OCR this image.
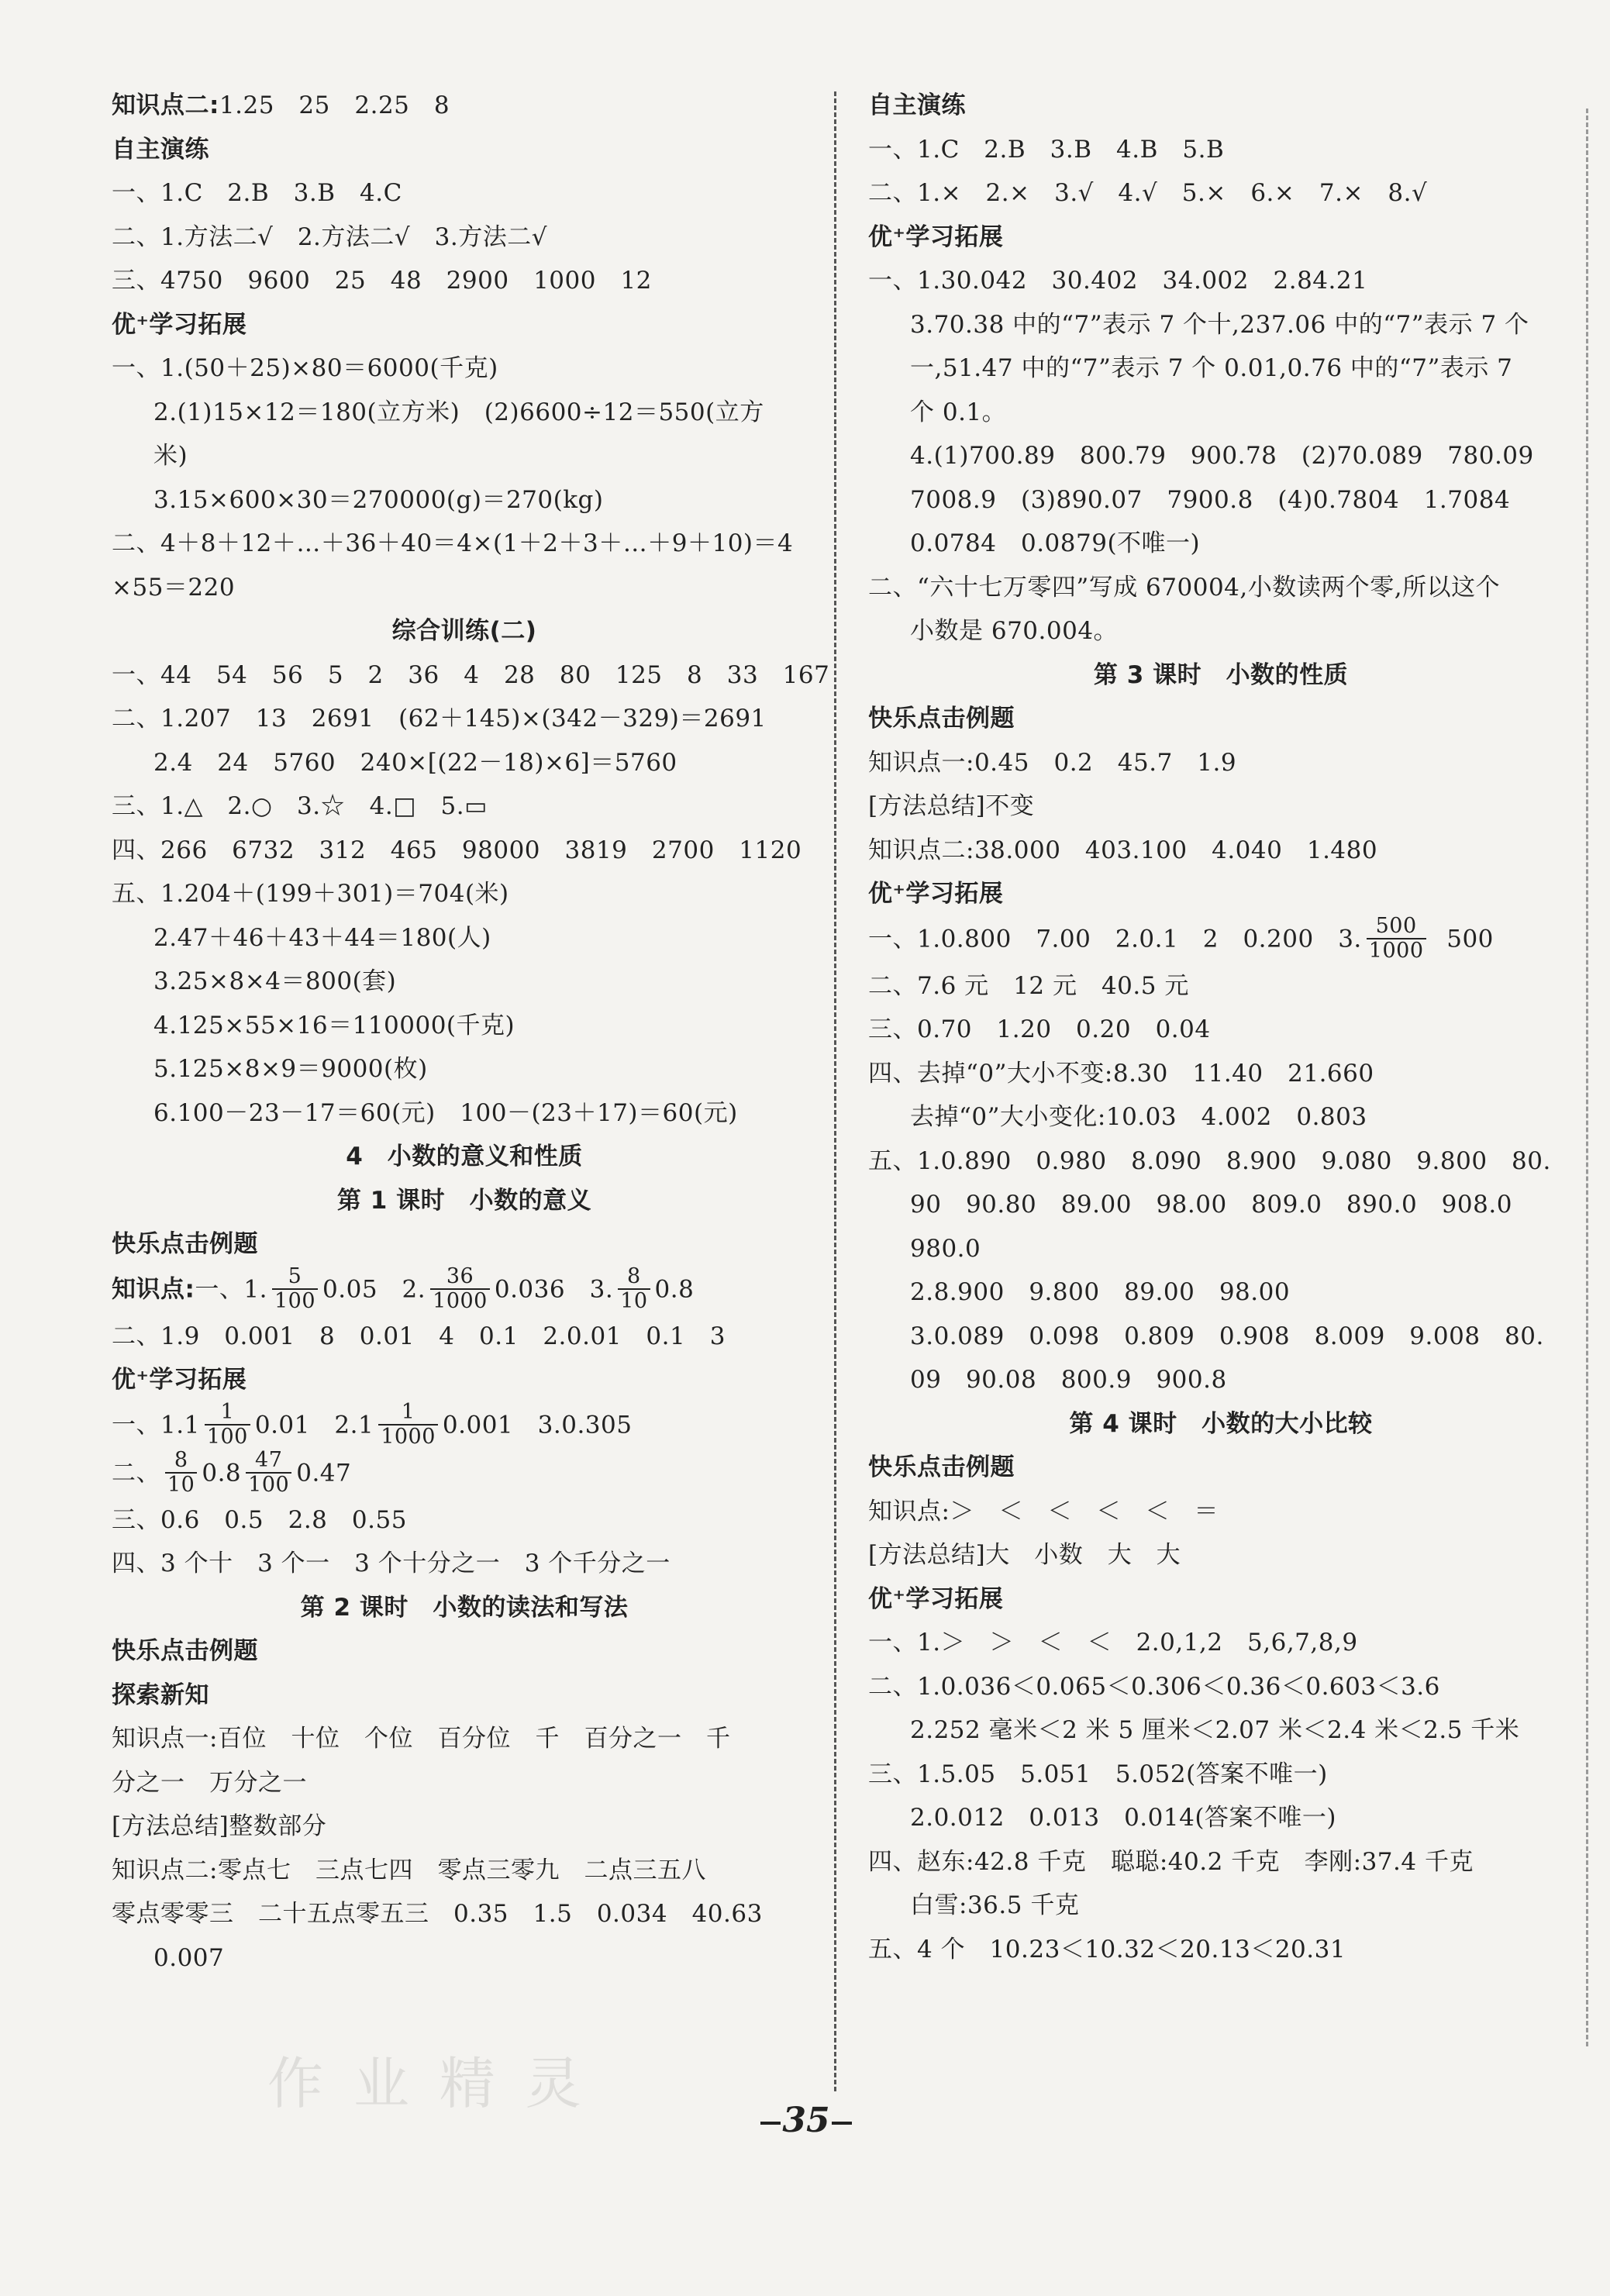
知识点二:1.25　25　2.25　8
自主演练
一、1.C　2.B　3.B　4.C
二、1.方法二√　2.方法二√　3.方法二√
三、4750　9600　25　48　2900　1000　12
优⁺学习拓展
一、1.(50＋25)×80＝6000(千克)
2.(1)15×12＝180(立方米)　(2)6600÷12＝550(立方
米)
3.15×600×30＝270000(g)＝270(kg)
二、4＋8＋12＋…＋36＋40＝4×(1＋2＋3＋…＋9＋10)＝4
×55＝220
综合训练(二)
一、44　54　56　5　2　36　4　28　80　125　8　33　167
二、1.207　13　2691　(62＋145)×(342－329)＝2691
2.4　24　5760　240×[(22－18)×6]＝5760
三、1.△　2.○　3.☆　4.□　5.▭
四、266　6732　312　465　98000　3819　2700　1120
五、1.204＋(199＋301)＝704(米)
2.47＋46＋43＋44＝180(人)
3.25×8×4＝800(套)
4.125×55×16＝110000(千克)
5.125×8×9＝9000(枚)
6.100－23－17＝60(元)　100－(23＋17)＝60(元)
4　小数的意义和性质
第 1 课时　小数的意义
快乐点击例题
知识点:一、1. $\frac{5}{100} 0.05$　2. $\frac{36}{1000} 0.036$　3. $\frac{8}{10} 0.8$
二、1.9　0.001　8　0.01　4　0.1　2.0.01　0.1　3
优⁺学习拓展
一、$1.1 \frac{1}{100} 0.01$　$2.1 \frac{1}{1000} 0.001$　3.0.305
二、 $\frac{8}{10} 0.8 \frac{47}{100} 0.47$
三、0.6　0.5　2.8　0.55
四、3 个十　3 个一　3 个十分之一　3 个千分之一
第 2 课时　小数的读法和写法
快乐点击例题
探索新知
知识点一:百位　十位　个位　百分位　千　百分之一　千
分之一　万分之一
[方法总结]整数部分
知识点二:零点七　三点七四　零点三零九　二点三五八
零点零零三　二十五点零五三　0.35　1.5　0.034　40.63
0.007
自主演练
一、1.C　2.B　3.B　4.B　5.B
二、1.×　2.×　3.√　4.√　5.×　6.×　7.×　8.√
优⁺学习拓展
一、1.30.042　30.402　34.002　2.84.21
3.70.38 中的“7”表示 7 个十,237.06 中的“7”表示 7 个
一,51.47 中的“7”表示 7 个 0.01,0.76 中的“7”表示 7
个 0.1。
4.(1)700.89　800.79　900.78　(2)70.089　780.09
7008.9　(3)890.07　7900.8　(4)0.7804　1.7084
0.0784　0.0879(不唯一)
二、“六十七万零四”写成 670004,小数读两个零,所以这个
小数是 670.004。
第 3 课时　小数的性质
快乐点击例题
知识点一:0.45　0.2　45.7　1.9
[方法总结]不变
知识点二:38.000　403.100　4.040　1.480
优⁺学习拓展
一、1.0.800　7.00　2.0.1　2　0.200　3. $\frac{500}{1000} 500$
二、7.6 元　12 元　40.5 元
三、0.70　1.20　0.20　0.04
四、去掉“0”大小不变:8.30　11.40　21.660
去掉“0”大小变化:10.03　4.002　0.803
五、1.0.890　0.980　8.090　8.900　9.080　9.800　80.
90　90.80　89.00　98.00　809.0　890.0　908.0
980.0
2.8.900　9.800　89.00　98.00
3.0.089　0.098　0.809　0.908　8.009　9.008　80.
09　90.08　800.9　900.8
第 4 课时　小数的大小比较
快乐点击例题
知识点:＞　＜　＜　＜　＜　＝
[方法总结]大　小数　大　大
优⁺学习拓展
一、1.＞　＞　＜　＜　2.0,1,2　5,6,7,8,9
二、1.0.036＜0.065＜0.306＜0.36＜0.603＜3.6
2.252 毫米＜2 米 5 厘米＜2.07 米＜2.4 米＜2.5 千米
三、1.5.05　5.051　5.052(答案不唯一)
2.0.012　0.013　0.014(答案不唯一)
四、赵东:42.8 千克　聪聪:40.2 千克　李刚:37.4 千克
白雪:36.5 千克
五、4 个　10.23＜10.32＜20.13＜20.31
作 业 精 灵
35
